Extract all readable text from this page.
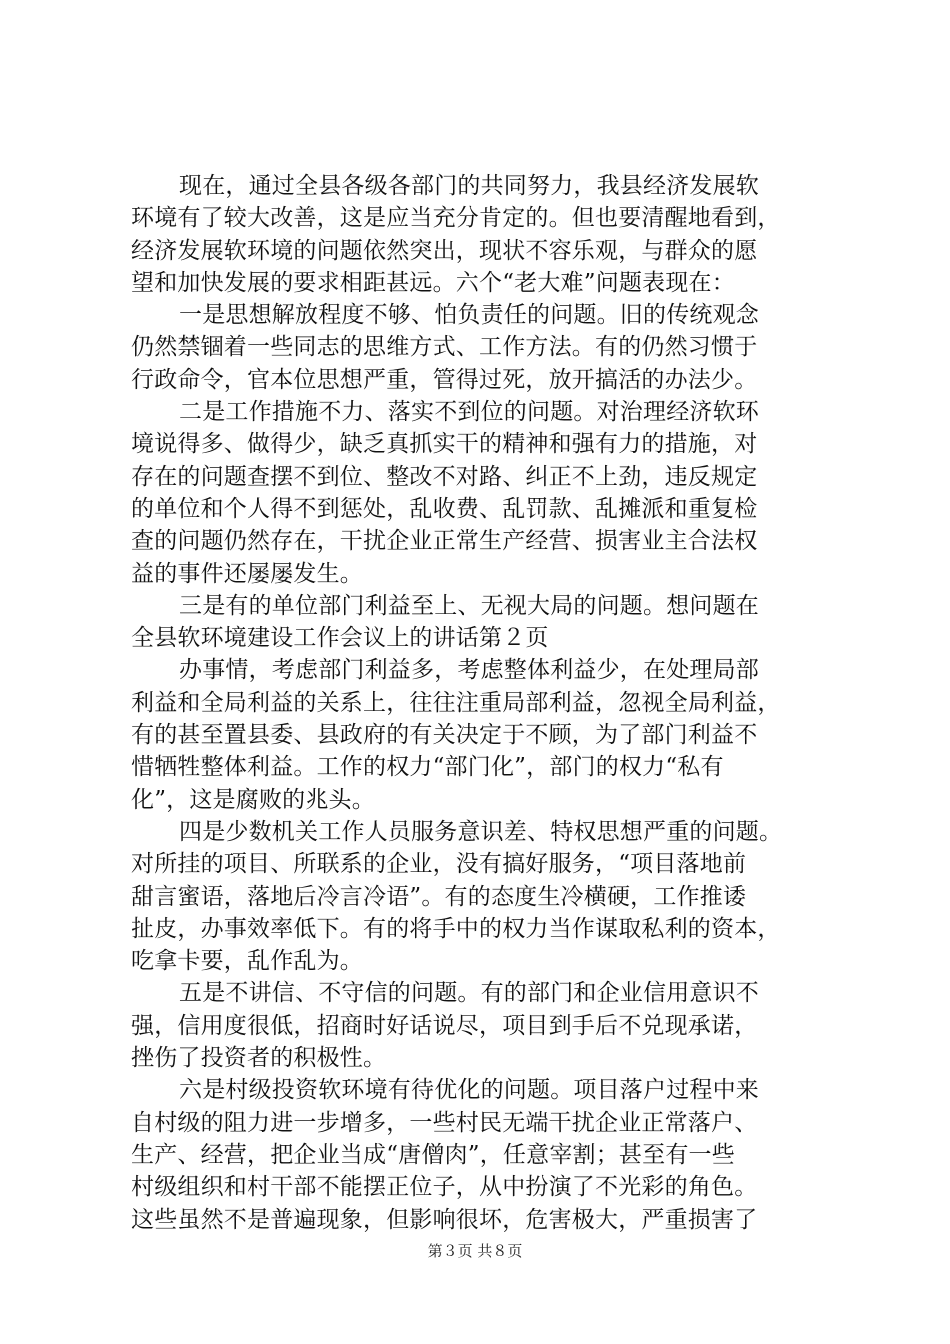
现在，通过全县各级各部门的共同努力，我县经济发展软
环境有了较大改善，这是应当充分肯定的。但也要清醒地看到，
经济发展软环境的问题依然突出，现状不容乐观，与群众的愿
望和加快发展的要求相距甚远。六个“老大难”问题表现在：
一是思想解放程度不够、怕负责任的问题。旧的传统观念
仍然禁锢着一些同志的思维方式、工作方法。有的仍然习惯于
行政命令，官本位思想严重，管得过死，放开搞活的办法少。
二是工作措施不力、落实不到位的问题。对治理经济软环
境说得多、做得少，缺乏真抓实干的精神和强有力的措施，对
存在的问题查摆不到位、整改不对路、纠正不上劲，违反规定
的单位和个人得不到惩处，乱收费、乱罚款、乱摊派和重复检
查的问题仍然存在，干扰企业正常生产经营、损害业主合法权
益的事件还屡屡发生。
三是有的单位部门利益至上、无视大局的问题。想问题在
全县软环境建设工作会议上的讲话第２页
办事情，考虑部门利益多，考虑整体利益少，在处理局部
利益和全局利益的关系上，往往注重局部利益，忽视全局利益，
有的甚至置县委、县政府的有关决定于不顾，为了部门利益不
惜牺牲整体利益。工作的权力“部门化”，部门的权力“私有
化”，这是腐败的兆头。
四是少数机关工作人员服务意识差、特权思想严重的问题。
对所挂的项目、所联系的企业，没有搞好服务，“项目落地前
甜言蜜语，落地后冷言冷语”。有的态度生冷横硬，工作推诿
扯皮，办事效率低下。有的将手中的权力当作谋取私利的资本，
吃拿卡要，乱作乱为。
五是不讲信、不守信的问题。有的部门和企业信用意识不
强，信用度很低，招商时好话说尽，项目到手后不兑现承诺，
挫伤了投资者的积极性。
六是村级投资软环境有待优化的问题。项目落户过程中来
自村级的阻力进一步增多，一些村民无端干扰企业正常落户、
生产、经营，把企业当成“唐僧肉”，任意宰割；甚至有一些
村级组织和村干部不能摆正位子，从中扮演了不光彩的角色。
这些虽然不是普遍现象，但影响很坏，危害极大，严重损害了
第３页 共８页
